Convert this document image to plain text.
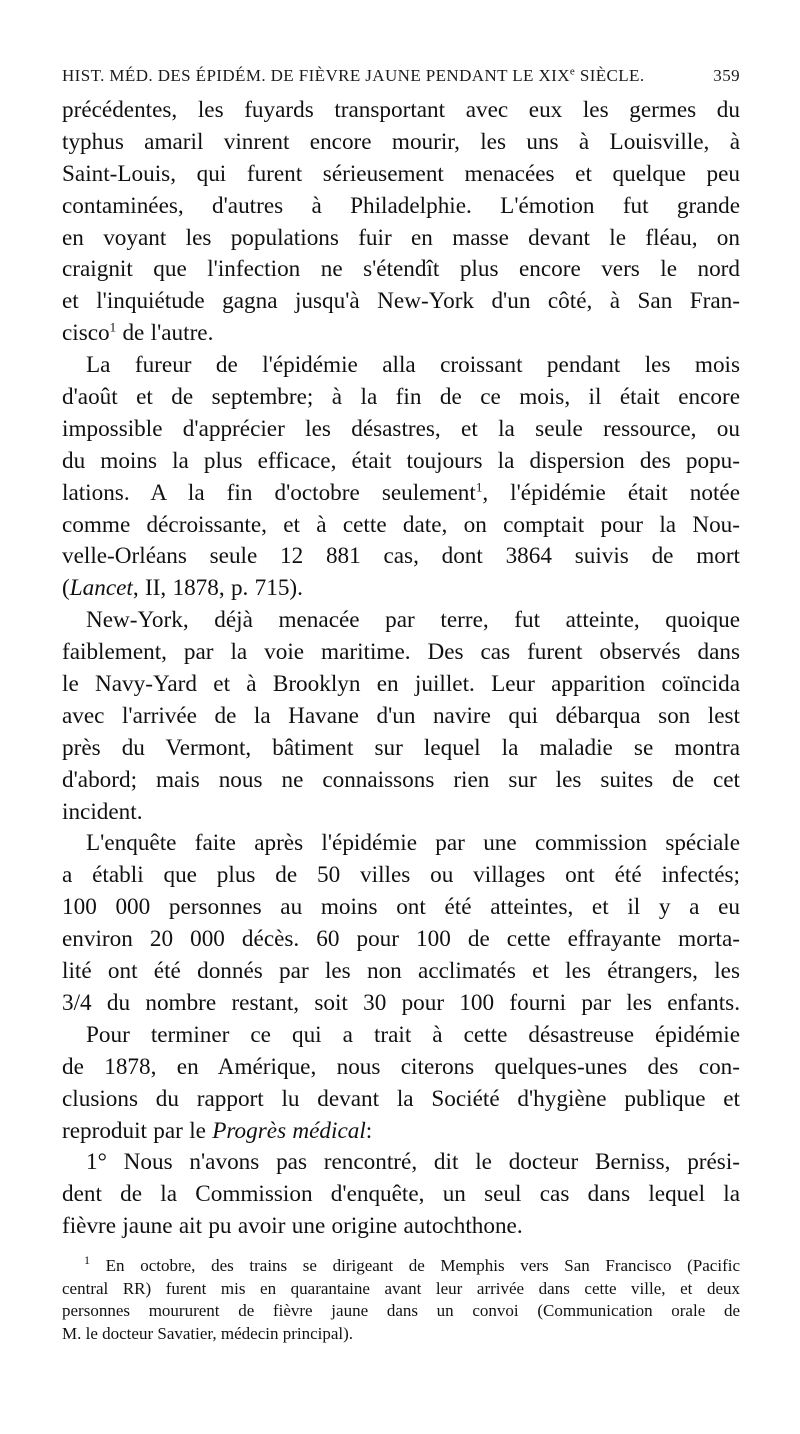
HIST. MÉD. DES ÉPIDÉM. DE FIÈVRE JAUNE PENDANT LE XIXe SIÈCLE.	359
précédentes, les fuyards transportant avec eux les germes du
typhus amaril vinrent encore mourir, les uns à Louisville, à
Saint-Louis, qui furent sérieusement menacées et quelque peu
contaminées, d'autres à Philadelphie. L'émotion fut grande
en voyant les populations fuir en masse devant le fléau, on
craignit que l'infection ne s'étendît plus encore vers le nord
et l'inquiétude gagna jusqu'à New-York d'un côté, à San Fran-
cisco$^1$ de l'autre.
La fureur de l'épidémie alla croissant pendant les mois
d'août et de septembre; à la fin de ce mois, il était encore
impossible d'apprécier les désastres, et la seule ressource, ou
du moins la plus efficace, était toujours la dispersion des popu-
lations. A la fin d'octobre seulement$^1$, l'épidémie était notée
comme décroissante, et à cette date, on comptait pour la Nou-
velle-Orléans seule 12 881 cas, dont 3864 suivis de mort
(Lancet, II, 1878, p. 715).
New-York, déjà menacée par terre, fut atteinte, quoique
faiblement, par la voie maritime. Des cas furent observés dans
le Navy-Yard et à Brooklyn en juillet. Leur apparition coïncida
avec l'arrivée de la Havane d'un navire qui débarqua son lest
près du Vermont, bâtiment sur lequel la maladie se montra
d'abord; mais nous ne connaissons rien sur les suites de cet
incident.
L'enquête faite après l'épidémie par une commission spéciale
a établi que plus de 50 villes ou villages ont été infectés;
100 000 personnes au moins ont été atteintes, et il y a eu
environ 20 000 décès. 60 pour 100 de cette effrayante morta-
lité ont été donnés par les non acclimatés et les étrangers, les
3/4 du nombre restant, soit 30 pour 100 fourni par les enfants.
Pour terminer ce qui a trait à cette désastreuse épidémie
de 1878, en Amérique, nous citerons quelques-unes des con-
clusions du rapport lu devant la Société d'hygiène publique et
reproduit par le Progrès médical:
1° Nous n'avons pas rencontré, dit le docteur Berniss, prési-
dent de la Commission d'enquête, un seul cas dans lequel la
fièvre jaune ait pu avoir une origine autochthone.
$^1$ En octobre, des trains se dirigeant de Memphis vers San Francisco (Pacific
central RR) furent mis en quarantaine avant leur arrivée dans cette ville, et deux
personnes moururent de fièvre jaune dans un convoi (Communication orale de
M. le docteur Savatier, médecin principal).
